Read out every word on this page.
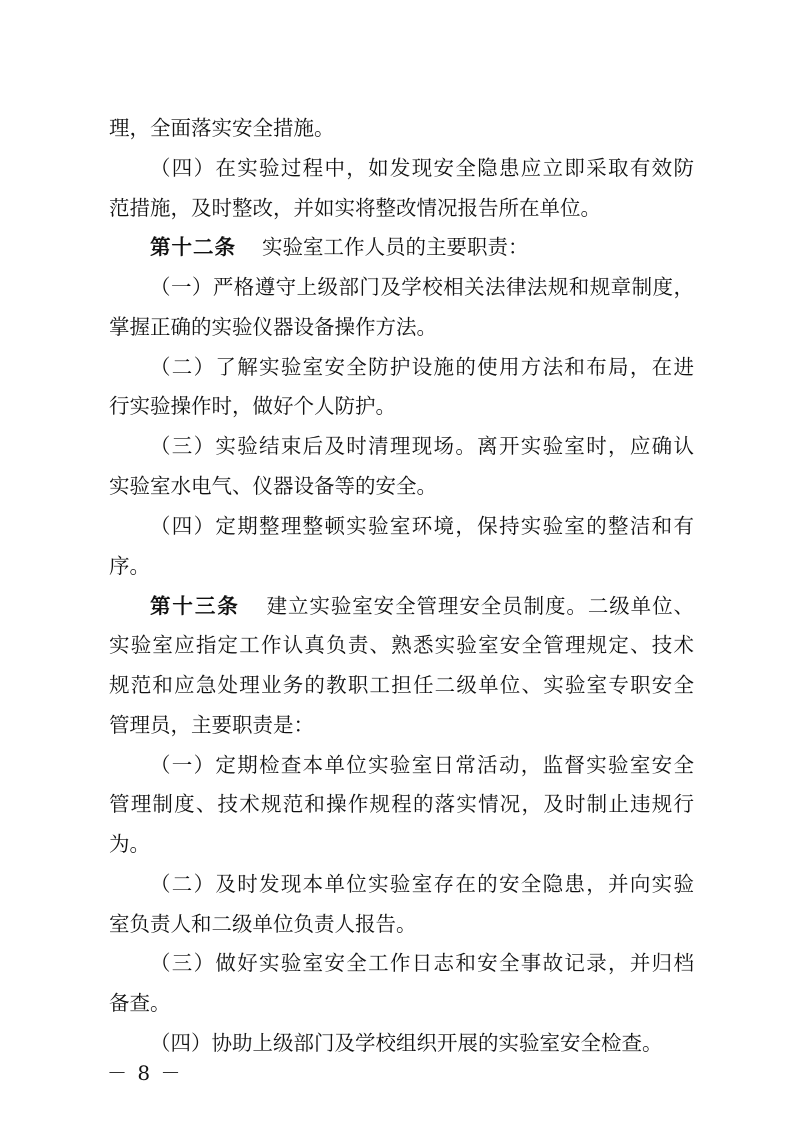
理，全面落实安全措施。
（四）在实验过程中，如发现安全隐患应立即采取有效防
范措施，及时整改，并如实将整改情况报告所在单位。
第十二条 实验室工作人员的主要职责：
（一）严格遵守上级部门及学校相关法律法规和规章制度，
掌握正确的实验仪器设备操作方法。
（二）了解实验室安全防护设施的使用方法和布局，在进
行实验操作时，做好个人防护。
（三）实验结束后及时清理现场。离开实验室时，应确认
实验室水电气、仪器设备等的安全。
（四）定期整理整顿实验室环境，保持实验室的整洁和有
序。
第十三条 建立实验室安全管理安全员制度。二级单位、
实验室应指定工作认真负责、熟悉实验室安全管理规定、技术
规范和应急处理业务的教职工担任二级单位、实验室专职安全
管理员，主要职责是：
（一）定期检查本单位实验室日常活动，监督实验室安全
管理制度、技术规范和操作规程的落实情况，及时制止违规行
为。
（二）及时发现本单位实验室存在的安全隐患，并向实验
室负责人和二级单位负责人报告。
（三）做好实验室安全工作日志和安全事故记录，并归档
备查。
（四）协助上级部门及学校组织开展的实验室安全检查。
－ 8 －
